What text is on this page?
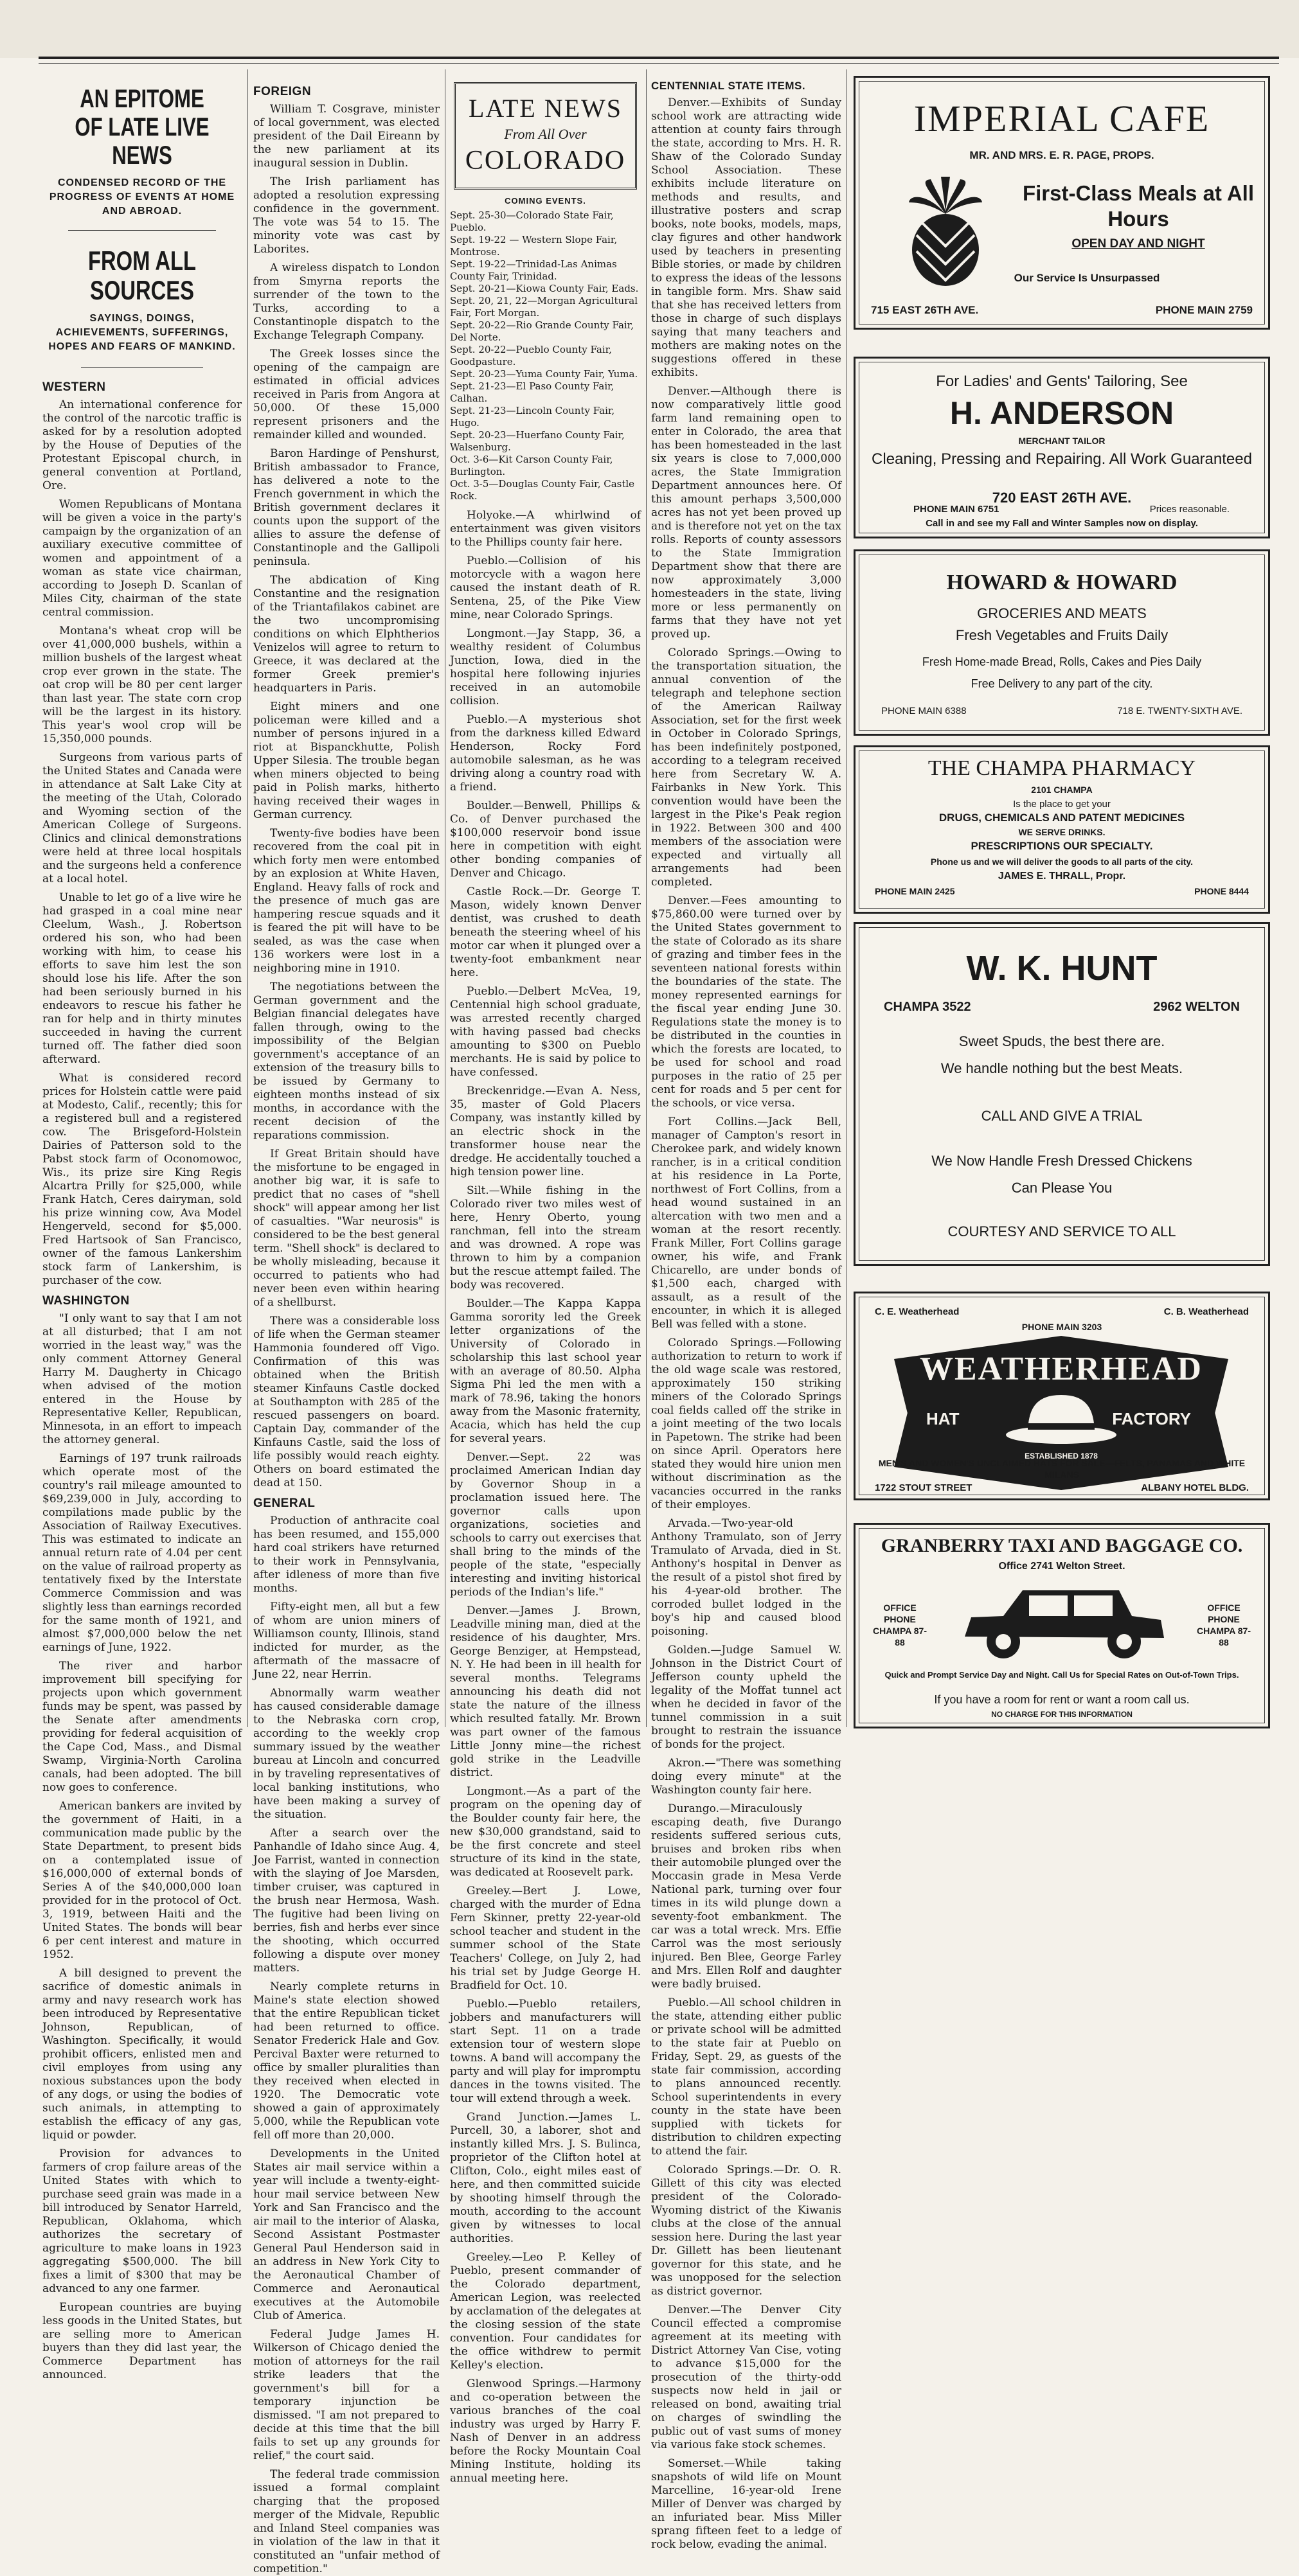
AN EPITOME OF LATE LIVE NEWS
CONDENSED RECORD OF THE PROGRESS OF EVENTS AT HOME AND ABROAD.
FROM ALL SOURCES
SAYINGS, DOINGS, ACHIEVEMENTS, SUFFERINGS, HOPES AND FEARS OF MANKIND.
WESTERN

An international conference for the control of the narcotic traffic is asked for by a resolution adopted by the House of Deputies of the Protestant Episcopal church, in general convention at Portland, Ore.

Women Republicans of Montana will be given a voice in the party's campaign by the organization of an auxiliary executive committee of women and appointment of a woman as state vice chairman, according to Joseph D. Scanlan of Miles City, chairman of the state central commission.

Montana's wheat crop will be over 41,000,000 bushels, within a million bushels of the largest wheat crop ever grown in the state. The oat crop will be 80 per cent larger than last year. The state corn crop will be the largest in its history. This year's wool crop will be 15,350,000 pounds.

Surgeons from various parts of the United States and Canada were in attendance at Salt Lake City at the meeting of the Utah, Colorado and Wyoming section of the American College of Surgeons. Clinics and clinical demonstrations were held at three local hospitals and the surgeons held a conference at a local hotel.

Unable to let go of a live wire he had grasped in a coal mine near Cleelum, Wash., J. Robertson ordered his son, who had been working with him, to cease his efforts to save him lest the son should lose his life. After the son had been seriously burned in his endeavors to rescue his father he ran for help and in thirty minutes succeeded in having the current turned off. The father died soon afterward.

What is considered record prices for Holstein cattle were paid at Modesto, Calif., recently; this for a registered bull and a registered cow. The Brisgeford-Holstein Dairies of Patterson sold to the Pabst stock farm of Oconomowoc, Wis., its prize sire King Regis Alcartra Prilly for $25,000, while Frank Hatch, Ceres dairyman, sold his prize winning cow, Ava Model Hengerveld, second for $5,000. Fred Hartsook of San Francisco, owner of the famous Lankershim stock farm of Lankershim, is purchaser of the cow.

WASHINGTON

"I only want to say that I am not at all disturbed; that I am not worried in the least way," was the only comment Attorney General Harry M. Daugherty in Chicago when advised of the motion entered in the House by Representative Keller, Republican, Minnesota, in an effort to impeach the attorney general.

Earnings of 197 trunk railroads which operate most of the country's rail mileage amounted to $69,239,000 in July, according to compilations made public by the Association of Railway Executives. This was estimated to indicate an annual return rate of 4.04 per cent on the value of railroad property as tentatively fixed by the Interstate Commerce Commission and was slightly less than earnings recorded for the same month of 1921, and almost $7,000,000 below the net earnings of June, 1922.

The river and harbor improvement bill specifying for projects upon which government funds may be spent, was passed by the Senate after amendments providing for federal acquisition of the Cape Cod, Mass., and Dismal Swamp, Virginia-North Carolina canals, had been adopted. The bill now goes to conference.

American bankers are invited by the government of Haiti, in a communication made public by the State Department, to present bids on a contemplated issue of $16,000,000 of external bonds of Series A of the $40,000,000 loan provided for in the protocol of Oct. 3, 1919, between Haiti and the United States. The bonds will bear 6 per cent interest and mature in 1952.

A bill designed to prevent the sacrifice of domestic animals in army and navy research work has been introduced by Representative Johnson, Republican, of Washington. Specifically, it would prohibit officers, enlisted men and civil employes from using any noxious substances upon the body of any dogs, or using the bodies of such animals, in attempting to establish the efficacy of any gas, liquid or powder.

Provision for advances to farmers of crop failure areas of the United States with which to purchase seed grain was made in a bill introduced by Senator Harreld, Republican, Oklahoma, which authorizes the secretary of agriculture to make loans in 1923 aggregating $500,000. The bill fixes a limit of $300 that may be advanced to any one farmer.

European countries are buying less goods in the United States, but are selling more to American buyers than they did last year, the Commerce Department has announced.

FOREIGN

William T. Cosgrave, minister of local government, was elected president of the Dail Eireann by the new parliament at its inaugural session in Dublin.

The Irish parliament has adopted a resolution expressing confidence in the government. The vote was 54 to 15. The minority vote was cast by Laborites.

A wireless dispatch to London from Smyrna reports the surrender of the town to the Turks, according to a Constantinople dispatch to the Exchange Telegraph Company.

The Greek losses since the opening of the campaign are estimated in official advices received in Paris from Angora at 50,000. Of these 15,000 represent prisoners and the remainder killed and wounded.

Baron Hardinge of Penshurst, British ambassador to France, has delivered a note to the French government in which the British government declares it counts upon the support of the allies to assure the defense of Constantinople and the Gallipoli peninsula.

The abdication of King Constantine and the resignation of the Triantafilakos cabinet are the two uncompromising conditions on which Elphtherios Venizelos will agree to return to Greece, it was declared at the former Greek premier's headquarters in Paris.

Eight miners and one policeman were killed and a number of persons injured in a riot at Bispanckhutte, Polish Upper Silesia. The trouble began when miners objected to being paid in Polish marks, hitherto having received their wages in German currency.

Twenty-five bodies have been recovered from the coal pit in which forty men were entombed by an explosion at White Haven, England. Heavy falls of rock and the presence of much gas are hampering rescue squads and it is feared the pit will have to be sealed, as was the case when 136 workers were lost in a neighboring mine in 1910.

The negotiations between the German government and the Belgian financial delegates have fallen through, owing to the impossibility of the Belgian government's acceptance of an extension of the treasury bills to be issued by Germany to eighteen months instead of six months, in accordance with the recent decision of the reparations commission.

If Great Britain should have the misfortune to be engaged in another big war, it is safe to predict that no cases of "shell shock" will appear among her list of casualties. "War neurosis" is considered to be the best general term. "Shell shock" is declared to be wholly misleading, because it occurred to patients who had never been even within hearing of a shellburst.

There was a considerable loss of life when the German steamer Hammonia foundered off Vigo. Confirmation of this was obtained when the British steamer Kinfauns Castle docked at Southampton with 285 of the rescued passengers on board. Captain Day, commander of the Kinfauns Castle, said the loss of life possibly would reach eighty. Others on board estimated the dead at 150.

GENERAL

Production of anthracite coal has been resumed, and 155,000 hard coal strikers have returned to their work in Pennsylvania, after idleness of more than five months.

Fifty-eight men, all but a few of whom are union miners of Williamson county, Illinois, stand indicted for murder, as the aftermath of the massacre of June 22, near Herrin.

Abnormally warm weather has caused considerable damage to the Nebraska corn crop, according to the weekly crop summary issued by the weather bureau at Lincoln and concurred in by traveling representatives of local banking institutions, who have been making a survey of the situation.

After a search over the Panhandle of Idaho since Aug. 4, Joe Farrist, wanted in connection with the slaying of Joe Marsden, timber cruiser, was captured in the brush near Hermosa, Wash. The fugitive had been living on berries, fish and herbs ever since the shooting, which occurred following a dispute over money matters.

Nearly complete returns in Maine's state election showed that the entire Republican ticket had been returned to office. Senator Frederick Hale and Gov. Percival Baxter were returned to office by smaller pluralities than they received when elected in 1920. The Democratic vote showed a gain of approximately 5,000, while the Republican vote fell off more than 20,000.

Developments in the United States air mail service within a year will include a twenty-eight-hour mail service between New York and San Francisco and the air mail to the interior of Alaska, Second Assistant Postmaster General Paul Henderson said in an address in New York City to the Aeronautical Chamber of Commerce and Aeronautical executives at the Automobile Club of America.

Federal Judge James H. Wilkerson of Chicago denied the motion of attorneys for the rail strike leaders that the government's bill for a temporary injunction be dismissed. "I am not prepared to decide at this time that the bill fails to set up any grounds for relief," the court said.

The federal trade commission issued a formal complaint charging that the proposed merger of the Midvale, Republic and Inland Steel companies was in violation of the law in that it constituted an "unfair method of competition."

LATE NEWS
From All Over
COLORADO
COMING EVENTS.

Sept. 25-30—Colorado State Fair, Pueblo.

Sept. 19-22 — Western Slope Fair, Montrose.

Sept. 19-22—Trinidad-Las Animas County Fair, Trinidad.

Sept. 20-21—Kiowa County Fair, Eads.

Sept. 20, 21, 22—Morgan Agricultural Fair, Fort Morgan.

Sept. 20-22—Rio Grande County Fair, Del Norte.

Sept. 20-22—Pueblo County Fair, Goodpasture.

Sept. 20-23—Yuma County Fair, Yuma.

Sept. 21-23—El Paso County Fair, Calhan.

Sept. 21-23—Lincoln County Fair, Hugo.

Sept. 20-23—Huerfano County Fair, Walsenburg.

Oct. 3-6—Kit Carson County Fair, Burlington.

Oct. 3-5—Douglas County Fair, Castle Rock.

Holyoke.—A whirlwind of entertainment was given visitors to the Phillips county fair here.

Pueblo.—Collision of his motorcycle with a wagon here caused the instant death of R. Sentena, 25, of the Pike View mine, near Colorado Springs.

Longmont.—Jay Stapp, 36, a wealthy resident of Columbus Junction, Iowa, died in the hospital here following injuries received in an automobile collision.

Pueblo.—A mysterious shot from the darkness killed Edward Henderson, Rocky Ford automobile salesman, as he was driving along a country road with a friend.

Boulder.—Benwell, Phillips & Co. of Denver purchased the $100,000 reservoir bond issue here in competition with eight other bonding companies of Denver and Chicago.

Castle Rock.—Dr. George T. Mason, widely known Denver dentist, was crushed to death beneath the steering wheel of his motor car when it plunged over a twenty-foot embankment near here.

Pueblo.—Delbert McVea, 19, Centennial high school graduate, was arrested recently charged with having passed bad checks amounting to $300 on Pueblo merchants. He is said by police to have confessed.

Breckenridge.—Evan A. Ness, 35, master of Gold Placers Company, was instantly killed by an electric shock in the transformer house near the dredge. He accidentally touched a high tension power line.

Silt.—While fishing in the Colorado river two miles west of here, Henry Oberto, young ranchman, fell into the stream and was drowned. A rope was thrown to him by a companion but the rescue attempt failed. The body was recovered.

Boulder.—The Kappa Kappa Gamma sorority led the Greek letter organizations of the University of Colorado in scholarship this last school year with an average of 80.50. Alpha Sigma Phi led the men with a mark of 78.96, taking the honors away from the Masonic fraternity, Acacia, which has held the cup for several years.

Denver.—Sept. 22 was proclaimed American Indian day by Governor Shoup in a proclamation issued here. The governor calls upon organizations, societies and schools to carry out exercises that shall bring to the minds of the people of the state, "especially interesting and inviting historical periods of the Indian's life."

Denver.—James J. Brown, Leadville mining man, died at the residence of his daughter, Mrs. George Benziger, at Hempstead, N. Y. He had been in ill health for several months. Telegrams announcing his death did not state the nature of the illness which resulted fatally. Mr. Brown was part owner of the famous Little Jonny mine—the richest gold strike in the Leadville district.

Longmont.—As a part of the program on the opening day of the Boulder county fair here, the new $30,000 grandstand, said to be the first concrete and steel structure of its kind in the state, was dedicated at Roosevelt park.

Greeley.—Bert J. Lowe, charged with the murder of Edna Fern Skinner, pretty 22-year-old school teacher and student in the summer school of the State Teachers' College, on July 2, had his trial set by Judge George H. Bradfield for Oct. 10.

Pueblo.—Pueblo retailers, jobbers and manufacturers will start Sept. 11 on a trade extension tour of western slope towns. A band will accompany the party and will play for impromptu dances in the towns visited. The tour will extend through a week.

Grand Junction.—James L. Purcell, 30, a laborer, shot and instantly killed Mrs. J. S. Bulinca, proprietor of the Clifton hotel at Clifton, Colo., eight miles east of here, and then committed suicide by shooting himself through the mouth, according to the account given by witnesses to local authorities.

Greeley.—Leo P. Kelley of Pueblo, present commander of the Colorado department, American Legion, was reelected by acclamation of the delegates at the closing session of the state convention. Four candidates for the office withdrew to permit Kelley's election.

Glenwood Springs.—Harmony and co-operation between the various branches of the coal industry was urged by Harry F. Nash of Denver in an address before the Rocky Mountain Coal Mining Institute, holding its annual meeting here.

CENTENNIAL STATE ITEMS.

Denver.—Exhibits of Sunday school work are attracting wide attention at county fairs through the state, according to Mrs. H. R. Shaw of the Colorado Sunday School Association. These exhibits include literature on methods and results, and illustrative posters and scrap books, note books, models, maps, clay figures and other handwork used by teachers in presenting Bible stories, or made by children to express the ideas of the lessons in tangible form. Mrs. Shaw said that she has received letters from those in charge of such displays saying that many teachers and mothers are making notes on the suggestions offered in these exhibits.

Denver.—Although there is now comparatively little good farm land remaining open to enter in Colorado, the area that has been homesteaded in the last six years is close to 7,000,000 acres, the State Immigration Department announces here. Of this amount perhaps 3,500,000 acres has not yet been proved up and is therefore not yet on the tax rolls. Reports of county assessors to the State Immigration Department show that there are now approximately 3,000 homesteaders in the state, living more or less permanently on farms that they have not yet proved up.

Colorado Springs.—Owing to the transportation situation, the annual convention of the telegraph and telephone section of the American Railway Association, set for the first week in October in Colorado Springs, has been indefinitely postponed, according to a telegram received here from Secretary W. A. Fairbanks in New York. This convention would have been the largest in the Pike's Peak region in 1922. Between 300 and 400 members of the association were expected and virtually all arrangements had been completed.

Denver.—Fees amounting to $75,860.00 were turned over by the United States government to the state of Colorado as its share of grazing and timber fees in the seventeen national forests within the boundaries of the state. The money represented earnings for the fiscal year ending June 30. Regulations state the money is to be distributed in the counties in which the forests are located, to be used for school and road purposes in the ratio of 25 per cent for roads and 5 per cent for the schools, or vice versa.

Fort Collins.—Jack Bell, manager of Campton's resort in Cherokee park, and widely known rancher, is in a critical condition at his residence in La Porte, northwest of Fort Collins, from a head wound sustained in an altercation with two men and a woman at the resort recently. Frank Miller, Fort Collins garage owner, his wife, and Frank Chicarello, are under bonds of $1,500 each, charged with assault, as a result of the encounter, in which it is alleged Bell was felled with a stone.

Colorado Springs.—Following authorization to return to work if the old wage scale was restored, approximately 150 striking miners of the Colorado Springs coal fields called off the strike in a joint meeting of the two locals in Papetown. The strike had been on since April. Operators here stated they would hire union men without discrimination as the vacancies occurred in the ranks of their employes.

Arvada.—Two-year-old Anthony Tramulato, son of Jerry Tramulato of Arvada, died in St. Anthony's hospital in Denver as the result of a pistol shot fired by his 4-year-old brother. The corroded bullet lodged in the boy's hip and caused blood poisoning.

Golden.—Judge Samuel W. Johnson in the District Court of Jefferson county upheld the legality of the Moffat tunnel act when he decided in favor of the tunnel commission in a suit brought to restrain the issuance of bonds for the project.

Akron.—"There was something doing every minute" at the Washington county fair here.

Durango.—Miraculously escaping death, five Durango residents suffered serious cuts, bruises and broken ribs when their automobile plunged over the Moccasin grade in Mesa Verde National park, turning over four times in its wild plunge down a seventy-foot embankment. The car was a total wreck. Mrs. Effie Carrol was the most seriously injured. Ben Blee, George Farley and Mrs. Ellen Rolf and daughter were badly bruised.

Pueblo.—All school children in the state, attending either public or private school will be admitted to the state fair at Pueblo on Friday, Sept. 29, as guests of the state fair commission, according to plans announced recently. School superintendents in every county in the state have been supplied with tickets for distribution to children expecting to attend the fair.

Colorado Springs.—Dr. O. R. Gillett of this city was elected president of the Colorado-Wyoming district of the Kiwanis clubs at the close of the annual session here. During the last year Dr. Gillett has been lieutenant governor for this state, and he was unopposed for the selection as district governor.

Denver.—The Denver City Council effected a compromise agreement at its meeting with District Attorney Van Cise, voting to advance $15,000 for the prosecution of the thirty-odd suspects now held in jail or released on bond, awaiting trial on charges of swindling the public out of vast sums of money via various fake stock schemes.

Somerset.—While taking snapshots of wild life on Mount Marcelline, 16-year-old Irene Miller of Denver was charged by an infuriated bear. Miss Miller sprang fifteen feet to a ledge of rock below, evading the animal.

IMPERIAL CAFE
MR. AND MRS. E. R. PAGE, PROPS.
First-Class Meals at All Hours
OPEN DAY AND NIGHT
Our Service Is Unsurpassed
715 EAST 26TH AVE.	PHONE MAIN 2759
For Ladies' and Gents' Tailoring, See
H. ANDERSON
MERCHANT TAILOR
Cleaning, Pressing and Repairing. All Work Guaranteed
720 EAST 26TH AVE.
PHONE MAIN 6751	Prices reasonable.
Call in and see my Fall and Winter Samples now on display.
HOWARD & HOWARD
GROCERIES AND MEATS
Fresh Vegetables and Fruits Daily
Fresh Home-made Bread, Rolls, Cakes and Pies Daily
Free Delivery to any part of the city.
PHONE MAIN 6388	718 E. TWENTY-SIXTH AVE.
THE CHAMPA PHARMACY
2101 CHAMPA
Is the place to get your
DRUGS, CHEMICALS AND PATENT MEDICINES
WE SERVE DRINKS.
PRESCRIPTIONS OUR SPECIALTY.
Phone us and we will deliver the goods to all parts of the city.
JAMES E. THRALL, Propr.
PHONE MAIN 2425	PHONE 8444
W. K. HUNT
CHAMPA 3522	2962 WELTON
Sweet Spuds, the best there are.
We handle nothing but the best Meats.
CALL AND GIVE A TRIAL
We Now Handle Fresh Dressed Chickens
Can Please You
COURTESY AND SERVICE TO ALL
C. E. Weatherhead	C. B. Weatherhead
PHONE MAIN 3203
WEATHERHEAD
HAT	FACTORY
ESTABLISHED 1878
MEN'S AND WOMEN'S UNCLAIMED HATS FOR SALE—FELTS, PANAMAS AND WHITE MILANS
1722 STOUT STREET	ALBANY HOTEL BLDG.
GRANBERRY TAXI AND BAGGAGE CO.
Office 2741 Welton Street.
OFFICE PHONE CHAMPA 87-88
OFFICE PHONE CHAMPA 87-88
Quick and Prompt Service Day and Night. Call Us for Special Rates on Out-of-Town Trips.
If you have a room for rent or want a room call us.
NO CHARGE FOR THIS INFORMATION
